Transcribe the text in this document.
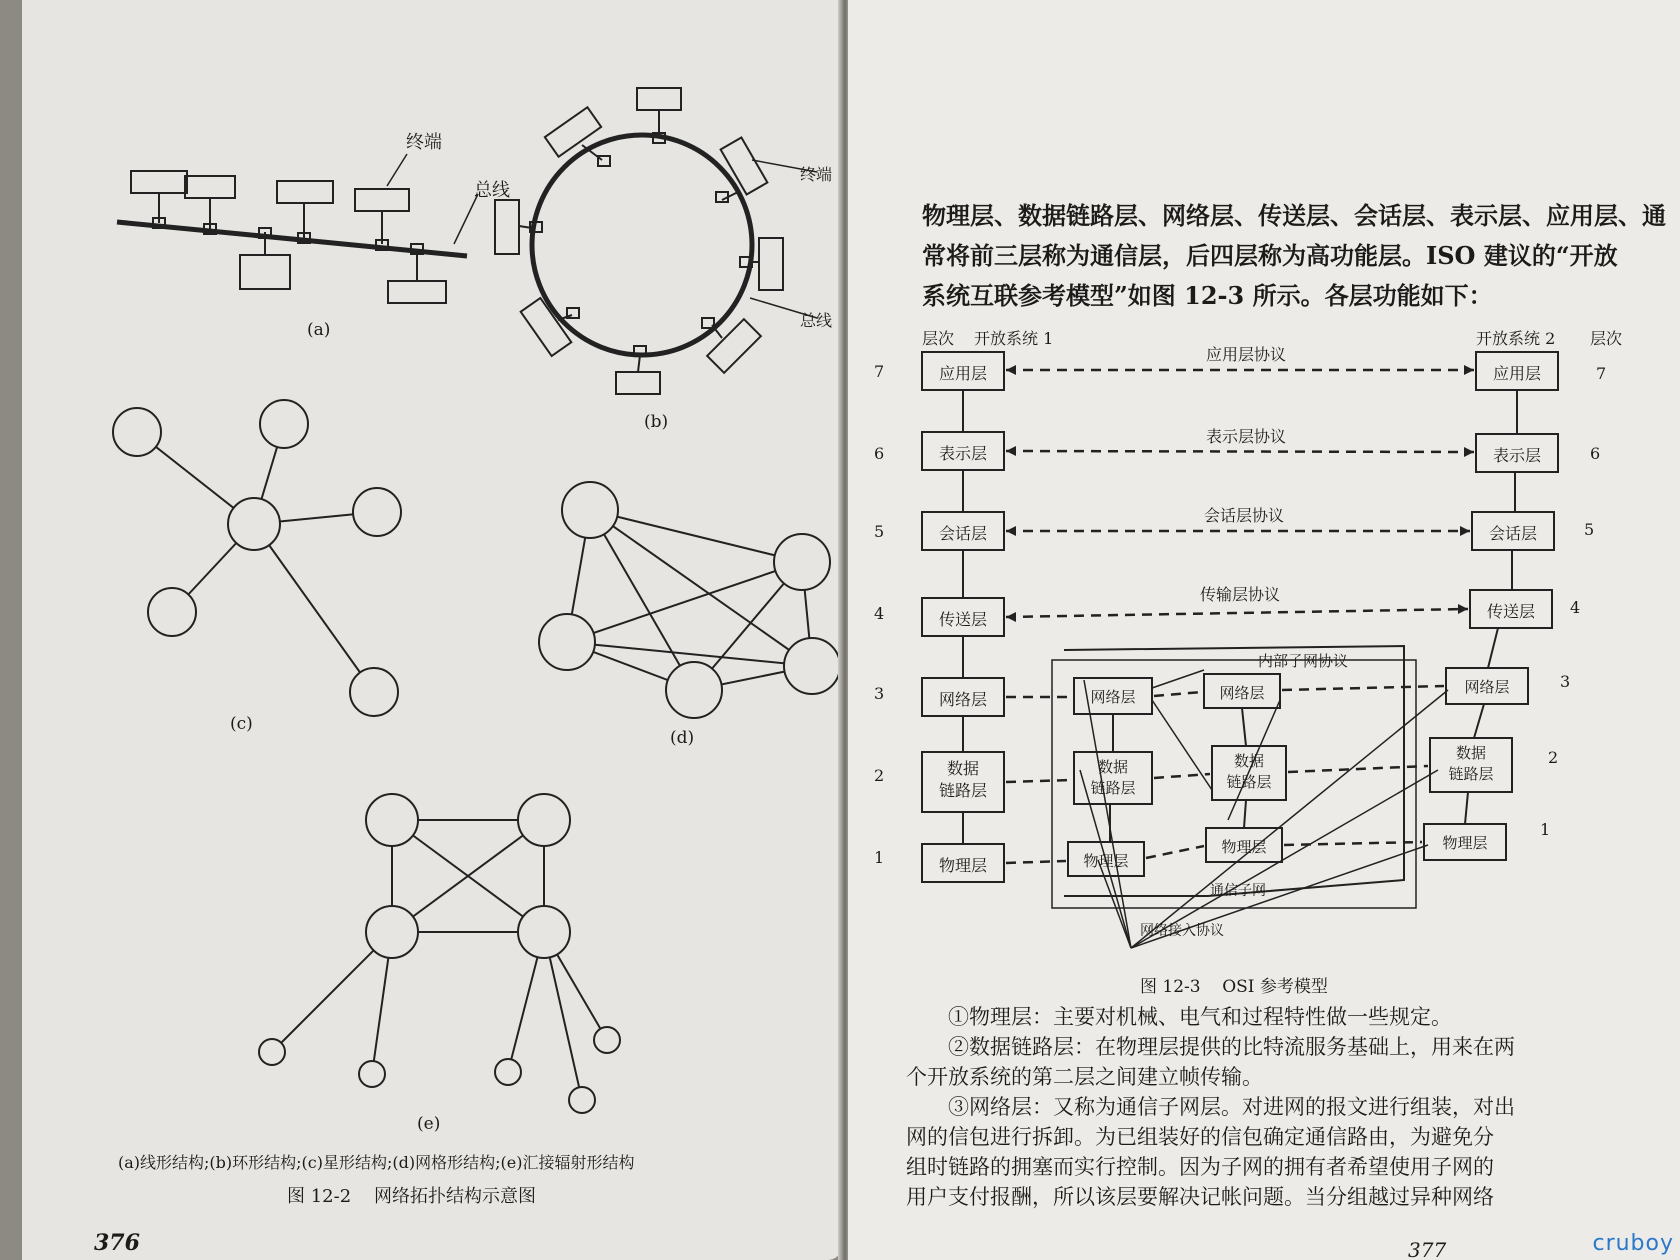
终端
总线
终端
总线
(a)
(b)
(c)
(d)
(e)
(a)线形结构;(b)环形结构;(c)星形结构;(d)网格形结构;(e)汇接辐射形结构
图 12-2    网络拓扑结构示意图
376
物理层、数据链路层、网络层、传送层、会话层、表示层、应用层、通
常将前三层称为通信层，后四层称为高功能层。ISO 建议的“开放
系统互联参考模型”如图 12-3 所示。各层功能如下：
层次 开放系统 1	开放系统 2 层次
应用层
表示层
会话层
传送层
网络层
数据
链路层
物理层
应用层
表示层
会话层
传送层
网络层
数据
链路层
物理层
网络层
数据
链路层
物理层
网络层
数据
链路层
物理层
7
6
5
4
3
2
1
7
6
5
4
3
2
1
应用层协议
表示层协议
会话层协议
传输层协议
内部子网协议
通信子网
网络接入协议
图 12-3    OSI 参考模型
①物理层：主要对机械、电气和过程特性做一些规定。
②数据链路层：在物理层提供的比特流服务基础上，用来在两
个开放系统的第二层之间建立帧传输。
③网络层：又称为通信子网层。对进网的报文进行组装，对出
网的信包进行拆卸。为已组装好的信包确定通信路由，为避免分
组时链路的拥塞而实行控制。因为子网的拥有者希望使用子网的
用户支付报酬，所以该层要解决记帐问题。当分组越过异种网络
377	cruboy
